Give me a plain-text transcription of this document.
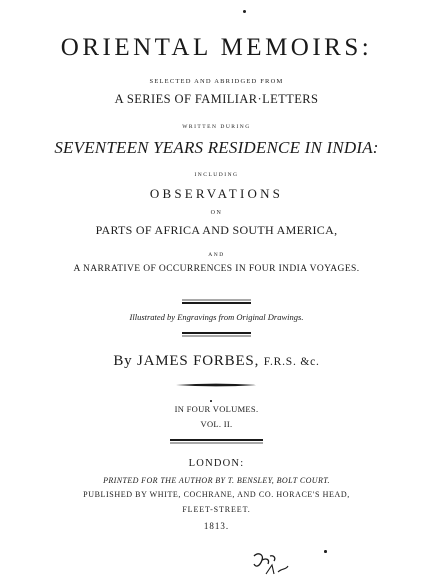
ORIENTAL MEMOIRS:
SELECTED AND ABRIDGED FROM
A SERIES OF FAMILIAR·LETTERS
WRITTEN DURING
SEVENTEEN YEARS RESIDENCE IN INDIA:
INCLUDING
OBSERVATIONS
ON
PARTS OF AFRICA AND SOUTH AMERICA,
AND
A NARRATIVE OF OCCURRENCES IN FOUR INDIA VOYAGES.
Illustrated by Engravings from Original Drawings.
By JAMES FORBES, F.R.S. &c.
IN FOUR VOLUMES.
VOL. II.
LONDON:
PRINTED FOR THE AUTHOR BY T. BENSLEY, BOLT COURT.
PUBLISHED BY WHITE, COCHRANE, AND CO. HORACE'S HEAD,
FLEET-STREET.
1813.
